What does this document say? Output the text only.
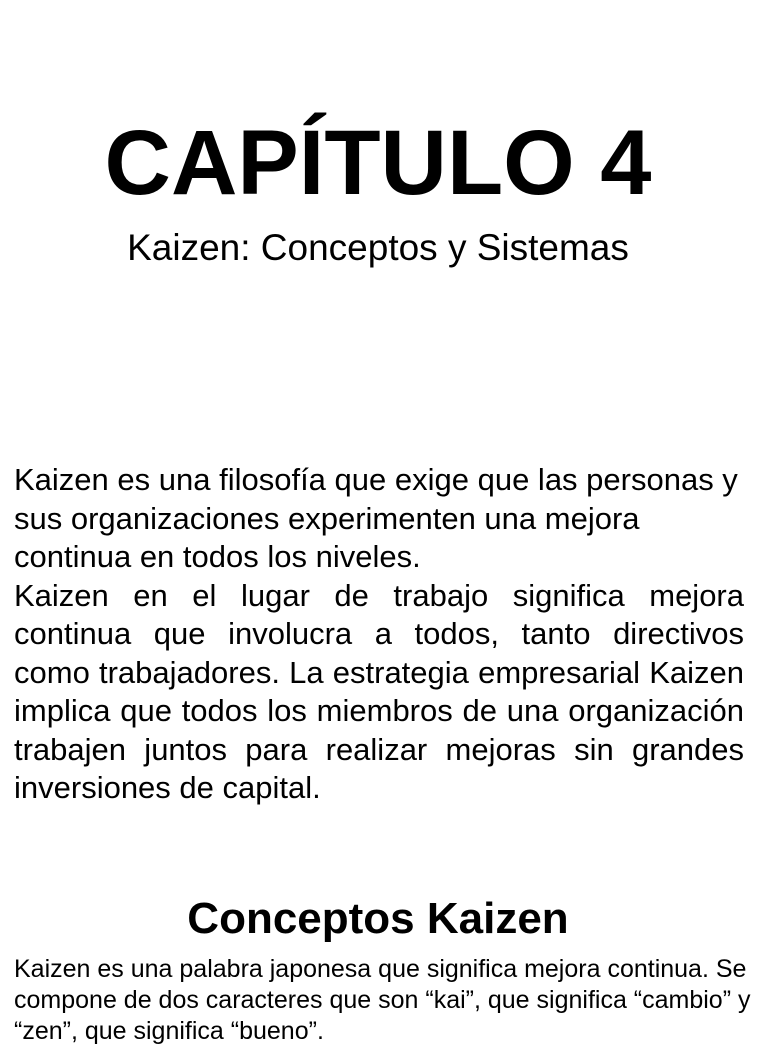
CAPÍTULO 4
Kaizen: Conceptos y Sistemas

Kaizen es una filosofía que exige que las personas y sus organizaciones experimenten una mejora continua en todos los niveles.

Kaizen en el lugar de trabajo significa mejora continua que involucra a todos, tanto directivos como trabajadores. La estrategia empresarial Kaizen implica que todos los miembros de una organización trabajen juntos para realizar mejoras sin grandes inversiones de capital.

Conceptos Kaizen

Kaizen es una palabra japonesa que significa mejora continua. Se compone de dos caracteres que son “kai”, que significa “cambio” y “zen”, que significa “bueno”.
